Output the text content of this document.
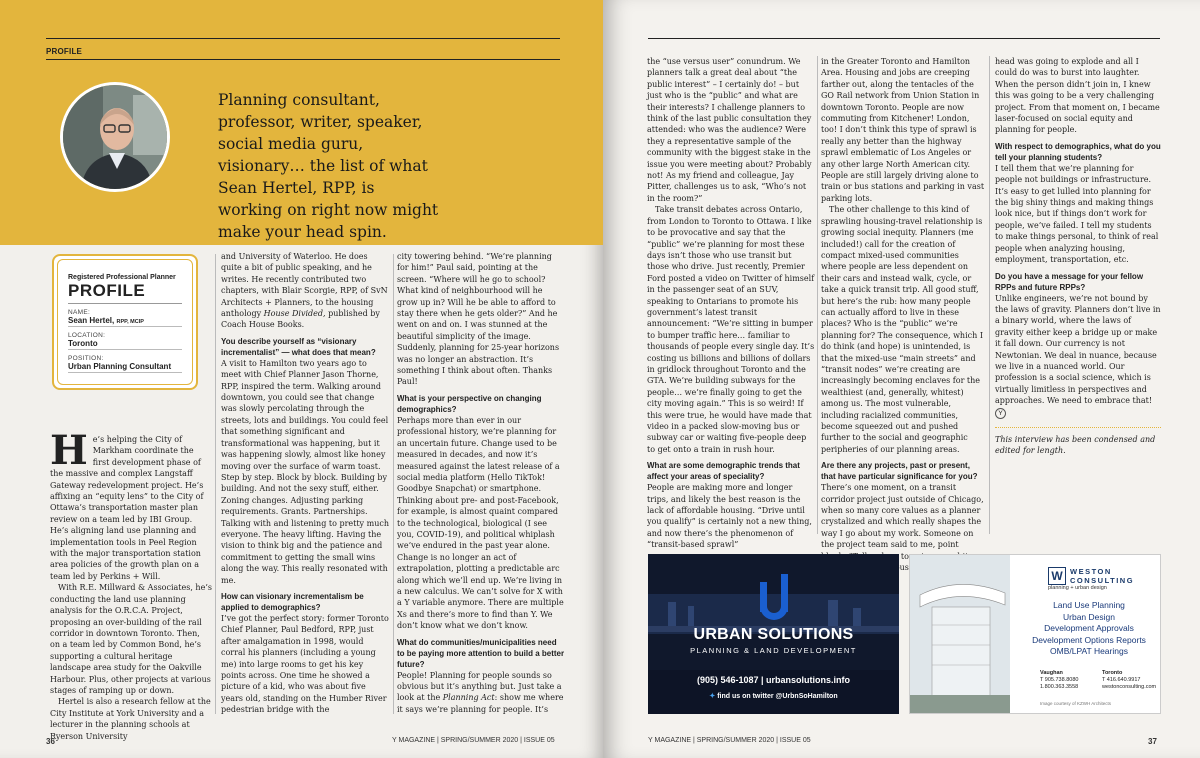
PROFILE
Planning consultant, professor, writer, speaker, social media guru, visionary… the list of what Sean Hertel, RPP, is working on right now might make your head spin.
Registered Professional Planner
PROFILE
NAME:
Sean Hertel, RPP, MCIP
LOCATION:
Toronto
POSITION:
Urban Planning Consultant

He’s helping the City of Markham coordinate the first development phase of the massive and complex Langstaff Gateway redevelopment project. He’s affixing an “equity lens” to the City of Ottawa’s transportation master plan review on a team led by IBI Group. He’s aligning land use planning and implementation tools in Peel Region with the major transportation station area policies of the growth plan on a team led by Perkins + Will.

With R.E. Millward & Associates, he’s conducting the land use planning analysis for the O.R.C.A. Project, proposing an over-building of the rail corridor in downtown Toronto. Then, on a team led by Common Bond, he’s supporting a cultural heritage landscape area study for the Oakville Harbour. Plus, other projects at various stages of ramping up or down.

Hertel is also a research fellow at the City Institute at York University and a lecturer in the planning schools at Ryerson University

and University of Waterloo. He does quite a bit of public speaking, and he writes. He recently contributed two chapters, with Blair Scorgie, RPP, of SvN Architects + Planners, to the housing anthology House Divided, published by Coach House Books.

You describe yourself as “visionary incrementalist” — what does that mean?

A visit to Hamilton two years ago to meet with Chief Planner Jason Thorne, RPP, inspired the term. Walking around downtown, you could see that change was slowly percolating through the streets, lots and buildings. You could feel that something significant and transformational was happening, but it was happening slowly, almost like honey moving over the surface of warm toast. Step by step. Block by block. Building by building. And not the sexy stuff, either. Zoning changes. Adjusting parking requirements. Grants. Partnerships. Talking with and listening to pretty much everyone. The heavy lifting. Having the vision to think big and the patience and commitment to getting the small wins along the way. This really resonated with me.

How can visionary incrementalism be applied to demographics?

I’ve got the perfect story: former Toronto Chief Planner, Paul Bedford, RPP, just after amalgamation in 1998, would corral his planners (including a young me) into large rooms to get his key points across. One time he showed a picture of a kid, who was about five years old, standing on the Humber River pedestrian bridge with the

city towering behind. “We’re planning for him!” Paul said, pointing at the screen. “Where will he go to school? What kind of neighbourhood will he grow up in? Will he be able to afford to stay there when he gets older?” And he went on and on. I was stunned at the beautiful simplicity of the image. Suddenly, planning for 25-year horizons was no longer an abstraction. It’s something I think about often. Thanks Paul!

What is your perspective on changing demographics?

Perhaps more than ever in our professional history, we’re planning for an uncertain future. Change used to be measured in decades, and now it’s measured against the latest release of a social media platform (Hello TikTok! Goodbye Snapchat) or smartphone. Thinking about pre- and post-Facebook, for example, is almost quaint compared to the technological, biological (I see you, COVID-19), and political whiplash we’ve endured in the past year alone. Change is no longer an act of extrapolation, plotting a predictable arc along which we’ll end up. We’re living in a new calculus. We can’t solve for X with a Y variable anymore. There are multiple Xs and there’s more to find than Y. We don’t know what we don’t know.

What do communities/municipalities need to be paying more attention to build a better future?

People! Planning for people sounds so obvious but it’s anything but. Just take a look at the Planning Act: show me where it says we’re planning for people. It’s

36	Y MAGAZINE | SPRING/SUMMER 2020 | ISSUE 05

the “use versus user” conundrum. We planners talk a great deal about “the public interest” – I certainly do! – but just who is the “public” and what are their interests? I challenge planners to think of the last public consultation they attended: who was the audience? Were they a representative sample of the community with the biggest stake in the issue you were meeting about? Probably not! As my friend and colleague, Jay Pitter, challenges us to ask, “Who’s not in the room?”

Take transit debates across Ontario, from London to Toronto to Ottawa. I like to be provocative and say that the “public” we’re planning for most these days isn’t those who use transit but those who drive. Just recently, Premier Ford posted a video on Twitter of himself in the passenger seat of an SUV, speaking to Ontarians to promote his government’s latest transit announcement: “We’re sitting in bumper to bumper traffic here… familiar to thousands of people every single day. It’s costing us billions and billions of dollars in gridlock throughout Toronto and the GTA. We’re building subways for the people… we’re finally going to get the city moving again.” This is so weird! If this were true, he would have made that video in a packed slow-moving bus or subway car or waiting five-people deep to get onto a train in rush hour.

What are some demographic trends that affect your areas of speciality?

People are making more and longer trips, and likely the best reason is the lack of affordable housing. “Drive until you qualify” is certainly not a new thing, and now there’s the phenomenon of “transit-based sprawl”

in the Greater Toronto and Hamilton Area. Housing and jobs are creeping farther out, along the tentacles of the GO Rail network from Union Station in downtown Toronto. People are now commuting from Kitchener! London, too! I don’t think this type of sprawl is really any better than the highway sprawl emblematic of Los Angeles or any other large North American city. People are still largely driving alone to train or bus stations and parking in vast parking lots.

The other challenge to this kind of sprawling housing-travel relationship is growing social inequity. Planners (me included!) call for the creation of compact mixed-used communities where people are less dependent on their cars and instead walk, cycle, or take a quick transit trip. All good stuff, but here’s the rub: how many people can actually afford to live in these places? Who is the “public” we’re planning for? The consequence, which I do think (and hope) is unintended, is that the mixed-use “main streets” and “transit nodes” we’re creating are increasingly becoming enclaves for the wealthiest (and, generally, whitest) among us. The most vulnerable, including racialized communities, become squeezed out and pushed further to the social and geographic peripheries of our planning areas.

Are there any projects, past or present, that have particular significance for you?

There’s one moment, on a transit corridor project just outside of Chicago, when so many core values as a planner crystalized and which really shapes the way I go about my work. Someone on the project team said to me, point to bus.”

head was going to explode and all I could do was to burst into laughter. When the person didn’t join in, I knew this was going to be a very challenging project. From that moment on, I became laser-focused on social equity and planning for people.

With respect to demographics, what do you tell your planning students?

I tell them that we’re planning for people not buildings or infrastructure. It’s easy to get lulled into planning for the big shiny things and making things look nice, but if things don’t work for people, we’ve failed. I tell my students to make things personal, to think of real people when analyzing housing, employment, transportation, etc.

Do you have a message for your fellow RPPs and future RPPs?

Unlike engineers, we’re not bound by the laws of gravity. Planners don’t live in a binary world, where the laws of gravity either keep a bridge up or make it fall down. Our currency is not Newtonian. We deal in nuance, because we live in a nuanced world. Our profession is a social science, which is virtually limitless in perspectives and approaches. We need to embrace that! Y

This interview has been condensed and edited for length.

URBAN SOLUTIONS
PLANNING & LAND DEVELOPMENT
(905) 546-1087 | urbansolutions.info
✦ find us on twitter @UrbnSoHamilton
W WESTON CONSULTING
planning + urban design
Land Use Planning
Urban Design
Development Approvals
Development Options Reports
OMB/LPAT Hearings
Vaughan
T 905.738.8080
1.800.363.3558
Toronto
T 416.640.9917
westonconsulting.com
Image courtesy of KZWH Architects
Y MAGAZINE | SPRING/SUMMER 2020 | ISSUE 05	37
